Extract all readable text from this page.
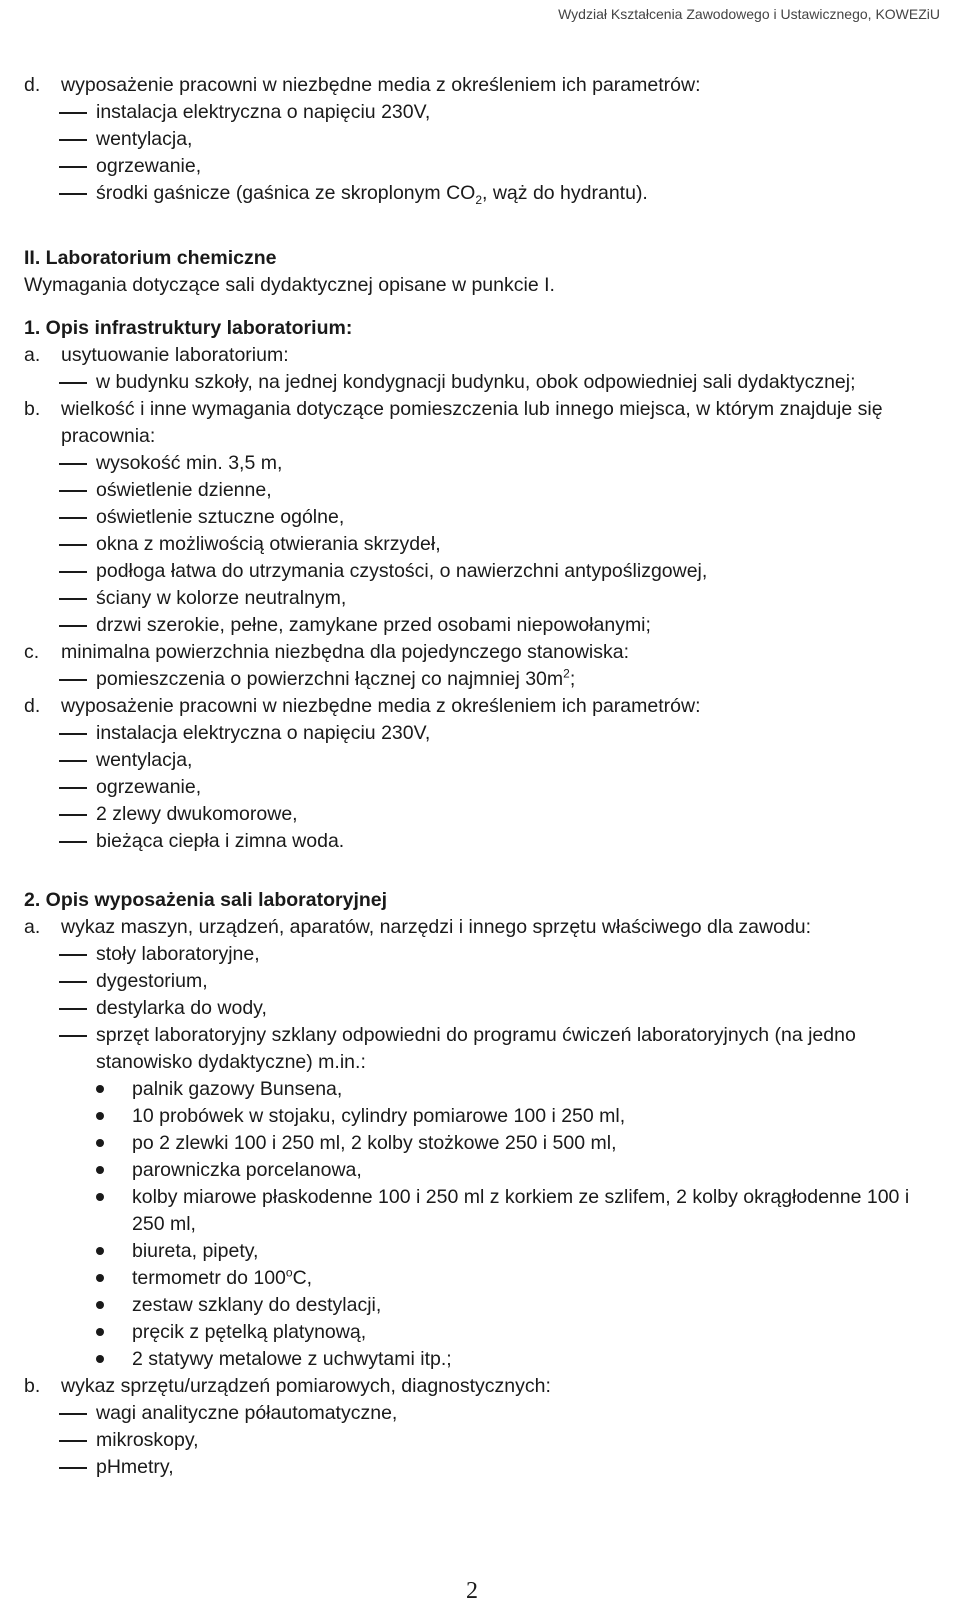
Wydział Kształcenia Zawodowego i Ustawicznego, KOWEZiU
d.	wyposażenie pracowni w niezbędne media z określeniem ich parametrów:
instalacja elektryczna o napięciu 230V,
wentylacja,
ogrzewanie,
środki gaśnicze (gaśnica ze skroplonym $CO_2$, wąż do hydrantu).

II. Laboratorium chemiczne

Wymagania dotyczące sali dydaktycznej opisane w punkcie I.

1. Opis infrastruktury laboratorium:

a.	usytuowanie laboratorium:
w budynku szkoły, na jednej kondygnacji budynku, obok odpowiedniej sali dydaktycznej;
b.	wielkość i inne wymagania dotyczące pomieszczenia lub innego miejsca, w którym znajduje się pracownia:
wysokość min. 3,5 m,
oświetlenie dzienne,
oświetlenie sztuczne ogólne,
okna z możliwością otwierania skrzydeł,
podłoga łatwa do utrzymania czystości, o nawierzchni antypoślizgowej,
ściany w kolorze neutralnym,
drzwi szerokie, pełne, zamykane przed osobami niepowołanymi;
c.	minimalna powierzchnia niezbędna dla pojedynczego stanowiska:
pomieszczenia o powierzchni łącznej co najmniej $30m^2$;
d.	wyposażenie pracowni w niezbędne media z określeniem ich parametrów:
instalacja elektryczna o napięciu 230V,
wentylacja,
ogrzewanie,
2 zlewy dwukomorowe,
bieżąca ciepła i zimna woda.

2. Opis wyposażenia sali laboratoryjnej

a.	wykaz maszyn, urządzeń, aparatów, narzędzi i innego sprzętu właściwego dla zawodu:
stoły laboratoryjne,
dygestorium,
destylarka do wody,
sprzęt laboratoryjny szklany odpowiedni do programu ćwiczeń laboratoryjnych (na jedno stanowisko dydaktyczne) m.in.:
palnik gazowy Bunsena,
10 probówek w stojaku, cylindry pomiarowe 100 i 250 ml,
po 2 zlewki 100 i 250 ml, 2 kolby stożkowe 250 i 500 ml,
parowniczka porcelanowa,
kolby miarowe płaskodenne 100 i 250 ml z korkiem ze szlifem, 2 kolby okrągłodenne 100 i 250 ml,
biureta, pipety,
termometr do 100$^o$C,
zestaw szklany do destylacji,
pręcik z pętelką platynową,
2 statywy metalowe z uchwytami itp.;
b.	wykaz sprzętu/urządzeń pomiarowych, diagnostycznych:
wagi analityczne półautomatyczne,
mikroskopy,
pHmetry,
2
